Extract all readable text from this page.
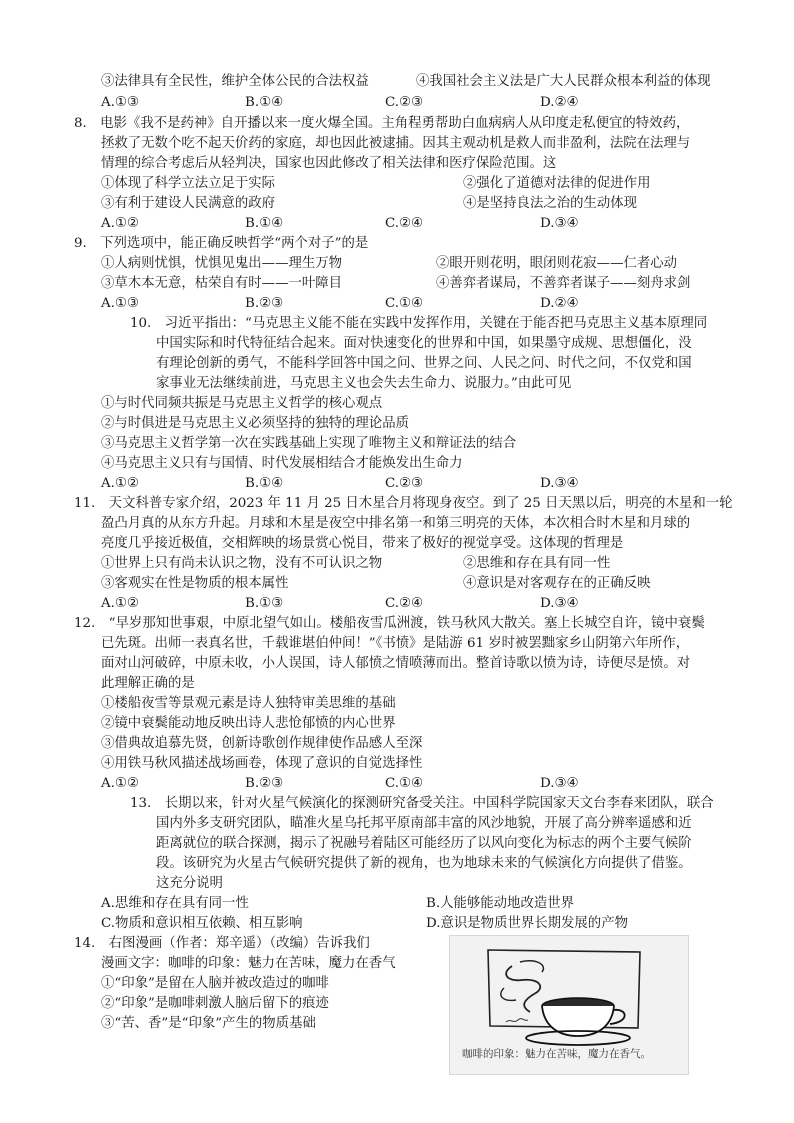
③法律具有全民性，维护全体公民的合法权益	④我国社会主义法是广大人民群众根本利益的体现
A.①③	B.①④	C.②③	D.②④
8.　电影《我不是药神》自开播以来一度火爆全国。主角程勇帮助白血病病人从印度走私便宜的特效药，
拯救了无数个吃不起天价药的家庭，却也因此被逮捕。因其主观动机是救人而非盈利，法院在法理与
情理的综合考虑后从轻判决，国家也因此修改了相关法律和医疗保险范围。这
①体现了科学立法立足于实际	②强化了道德对法律的促进作用
③有利于建设人民满意的政府	④是坚持良法之治的生动体现
A.①②	B.①④	C.②④	D.③④
9.　下列选项中，能正确反映哲学“两个对子”的是
①人病则忧惧，忧惧见鬼出——理生万物	②眼开则花明，眼闭则花寂——仁者心动
③草木本无意，枯荣自有时——一叶障目	④善弈者谋局，不善弈者谋子——刻舟求剑
A.①③	B.②③	C.①④	D.②④
10.　习近平指出：“马克思主义能不能在实践中发挥作用，关键在于能否把马克思主义基本原理同
中国实际和时代特征结合起来。面对快速变化的世界和中国，如果墨守成规、思想僵化，没
有理论创新的勇气，不能科学回答中国之问、世界之问、人民之问、时代之问，不仅党和国
家事业无法继续前进，马克思主义也会失去生命力、说服力。”由此可见
①与时代同频共振是马克思主义哲学的核心观点
②与时俱进是马克思主义必须坚持的独特的理论品质
③马克思主义哲学第一次在实践基础上实现了唯物主义和辩证法的结合
④马克思主义只有与国情、时代发展相结合才能焕发出生命力
A.①②	B.①④	C.②③	D.③④
11.　天文科普专家介绍，2023 年 11 月 25 日木星合月将现身夜空。到了 25 日天黑以后，明亮的木星和一轮
盈凸月真的从东方升起。月球和木星是夜空中排名第一和第三明亮的天体，本次相合时木星和月球的
亮度几乎接近极值，交相辉映的场景赏心悦目，带来了极好的视觉享受。这体现的哲理是
①世界上只有尚未认识之物，没有不可认识之物	②思维和存在具有同一性
③客观实在性是物质的根本属性	④意识是对客观存在的正确反映
A.①②	B.①③	C.②④	D.③④
12.　“早岁那知世事艰，中原北望气如山。楼船夜雪瓜洲渡，铁马秋风大散关。塞上长城空自许，镜中衰鬓
已先斑。出师一表真名世，千载谁堪伯仲间！”《书愤》是陆游 61 岁时被罢黜家乡山阴第六年所作，
面对山河破碎，中原未收，小人误国，诗人郁愤之情喷薄而出。整首诗歌以愤为诗，诗便尽是愤。对
此理解正确的是
①楼船夜雪等景观元素是诗人独特审美思维的基础
②镜中衰鬓能动地反映出诗人悲怆郁愤的内心世界
③借典故追慕先贤，创新诗歌创作规律使作品感人至深
④用铁马秋风描述战场画卷，体现了意识的自觉选择性
A.①②	B.②③	C.①④	D.③④
13.　长期以来，针对火星气候演化的探测研究备受关注。中国科学院国家天文台李春来团队，联合
国内外多支研究团队，瞄准火星乌托邦平原南部丰富的风沙地貌，开展了高分辨率遥感和近
距离就位的联合探测，揭示了祝融号着陆区可能经历了以风向变化为标志的两个主要气候阶
段。该研究为火星古气候研究提供了新的视角，也为地球未来的气候演化方向提供了借鉴。
这充分说明
A.思维和存在具有同一性	B.人能够能动地改造世界
C.物质和意识相互依赖、相互影响	D.意识是物质世界长期发展的产物
14.　右图漫画（作者：郑辛遥）（改编）告诉我们
漫画文字：咖啡的印象：魅力在苦味，魔力在香气
①“印象”是留在人脑并被改造过的咖啡
②“印象”是咖啡刺激人脑后留下的痕迹
③“苦、香”是“印象”产生的物质基础
咖啡的印象：魅力在苦味，魔力在香气。
